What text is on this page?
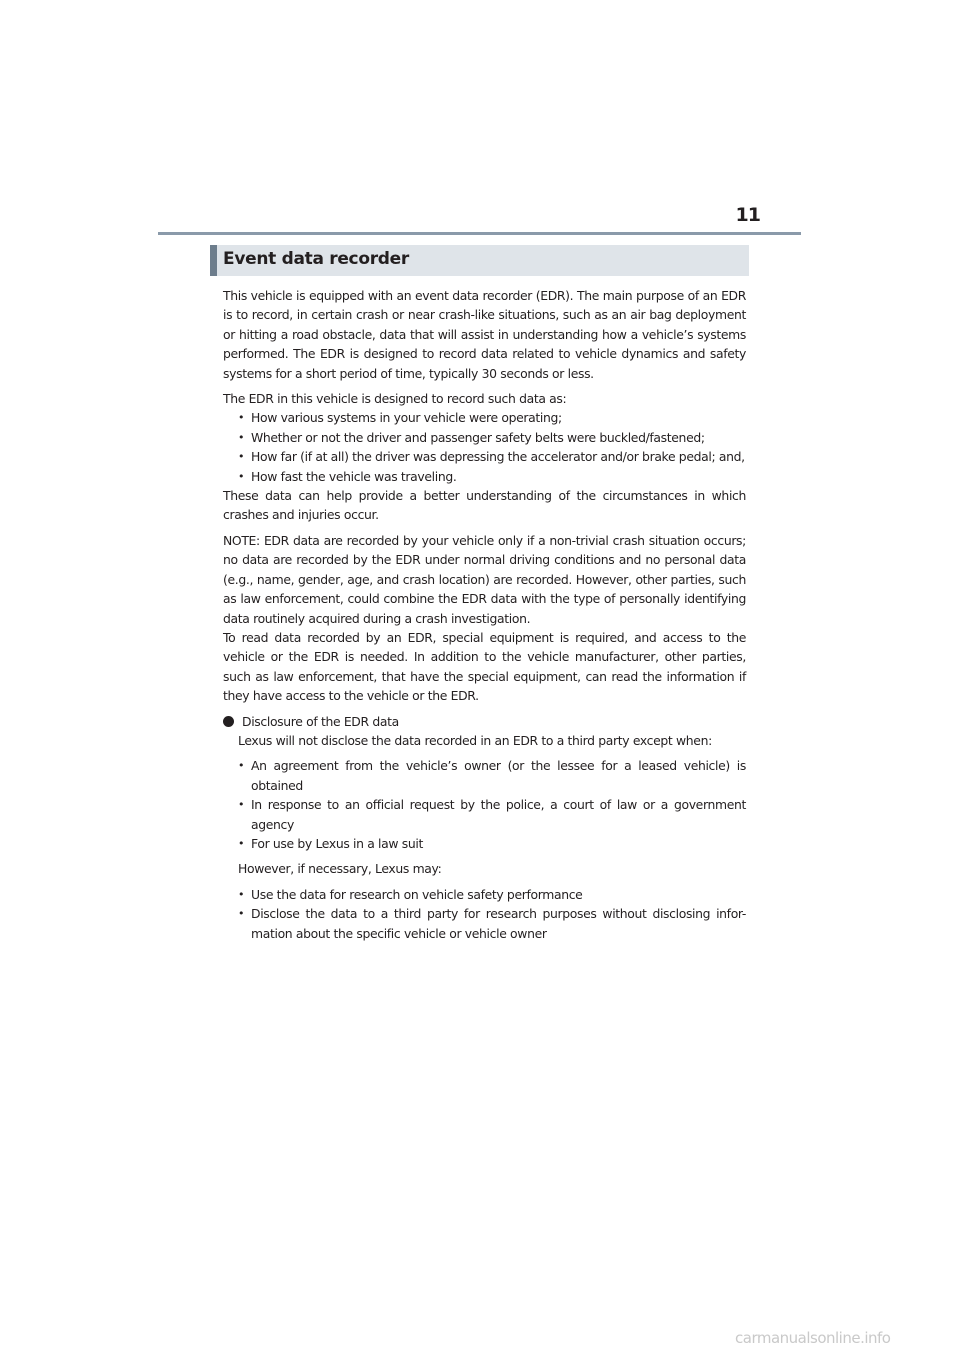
11
Event data recorder

This vehicle is equipped with an event data recorder (EDR). The main purpose of an EDR is to record, in certain crash or near crash-like situations, such as an air bag deployment or hitting a road obstacle, data that will assist in understanding how a vehicle’s systems performed. The EDR is designed to record data related to vehicle dynamics and safety systems for a short period of time, typically 30 seconds or less.

The EDR in this vehicle is designed to record such data as:

• How various systems in your vehicle were operating;
• Whether or not the driver and passenger safety belts were buckled/fastened;
• How far (if at all) the driver was depressing the accelerator and/or brake pedal; and,
• How fast the vehicle was traveling.

These data can help provide a better understanding of the circumstances in which crashes and injuries occur.

NOTE: EDR data are recorded by your vehicle only if a non-trivial crash situation occurs; no data are recorded by the EDR under normal driving conditions and no personal data (e.g., name, gender, age, and crash location) are recorded. However, other parties, such as law enforcement, could combine the EDR data with the type of personally identifying data routinely acquired during a crash investigation.

To read data recorded by an EDR, special equipment is required, and access to the vehicle or the EDR is needed. In addition to the vehicle manufacturer, other parties, such as law enforcement, that have the special equipment, can read the information if they have access to the vehicle or the EDR.

Disclosure of the EDR data

Lexus will not disclose the data recorded in an EDR to a third party except when:

• An agreement from the vehicle’s owner (or the lessee for a leased vehicle) is obtained
• In response to an official request by the police, a court of law or a government agency
• For use by Lexus in a law suit

However, if necessary, Lexus may:

• Use the data for research on vehicle safety performance
• Disclose the data to a third party for research purposes without disclosing infor-mation about the specific vehicle or vehicle owner
carmanualsonline.info
